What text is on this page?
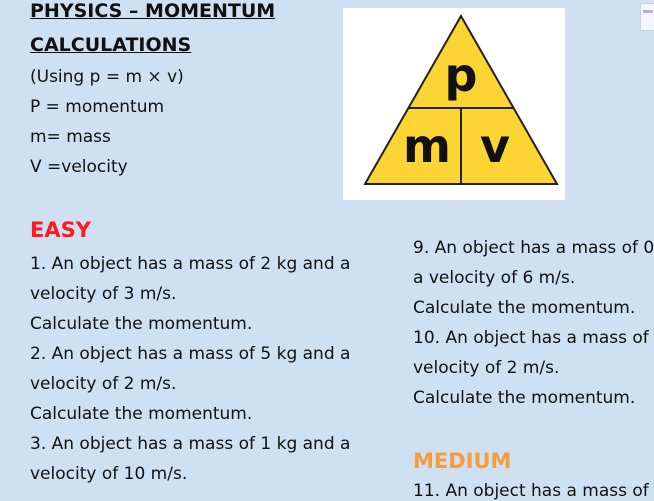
PHYSICS – MOMENTUM
CALCULATIONS
(Using p = m × v)
P = momentum
m= mass
V =velocity
p
m v
EASY
1. An object has a mass of 2 kg and a
velocity of 3 m/s.
Calculate the momentum.
2. An object has a mass of 5 kg and a
velocity of 2 m/s.
Calculate the momentum.
3. An object has a mass of 1 kg and a
velocity of 10 m/s.
9. An object has a mass of 0
a velocity of 6 m/s.
Calculate the momentum.
10. An object has a mass of
velocity of 2 m/s.
Calculate the momentum.
MEDIUM
11. An object has a mass of
